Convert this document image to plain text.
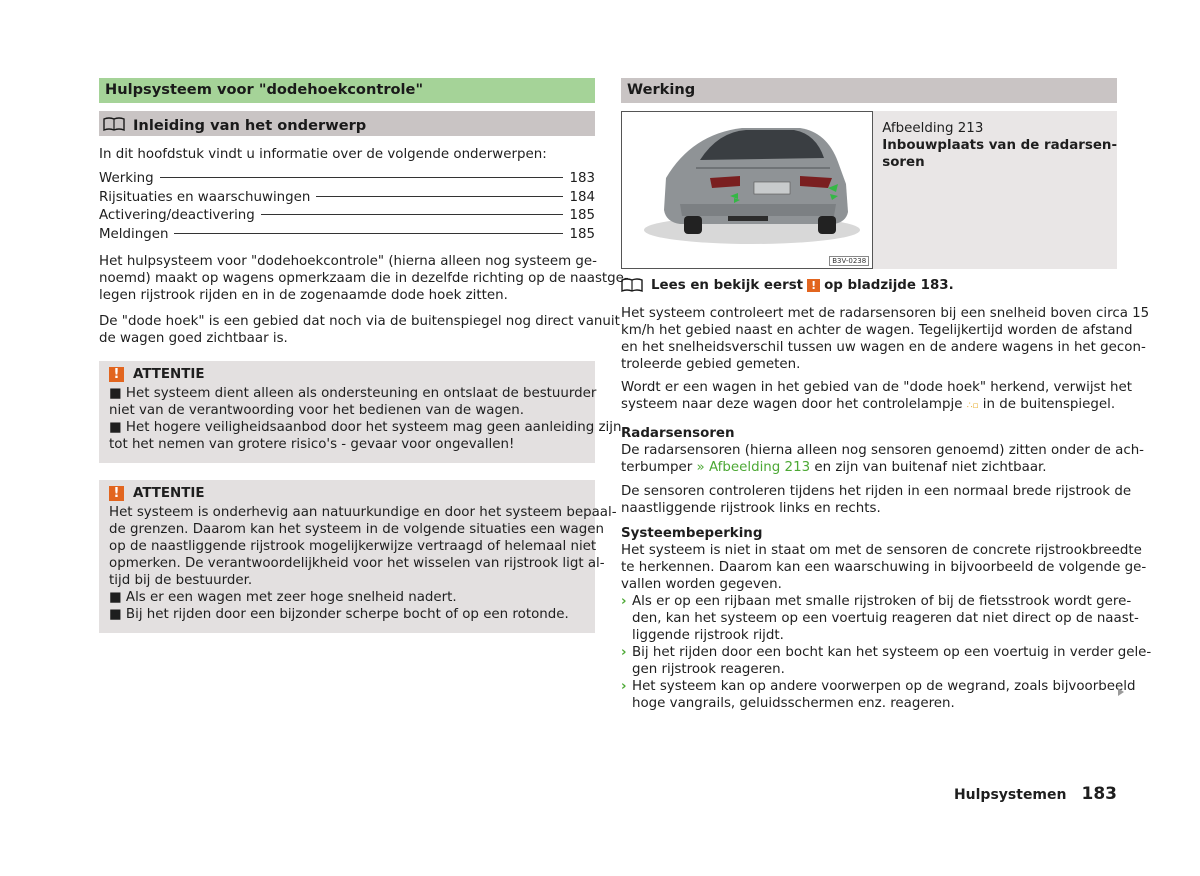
Hulpsysteem voor "dodehoekcontrole"
Inleiding van het onderwerp

In dit hoofdstuk vindt u informatie over de volgende onderwerpen:

Werking	183
Rijsituaties en waarschuwingen	184
Activering/deactivering	185
Meldingen	185
Het hulpsysteem voor "dodehoekcontrole" (hierna alleen nog systeem ge-
noemd) maakt op wagens opmerkzaam die in dezelfde richting op de naastge-
legen rijstrook rijden en in de zogenaamde dode hoek zitten.
De "dode hoek" is een gebied dat noch via de buitenspiegel nog direct vanuit
de wagen goed zichtbaar is.
!
ATTENTIE
■ Het systeem dient alleen als ondersteuning en ontslaat de bestuurder
niet van de verantwoording voor het bedienen van de wagen.
■ Het hogere veiligheidsaanbod door het systeem mag geen aanleiding zijn
tot het nemen van grotere risico's - gevaar voor ongevallen!
!
ATTENTIE
Het systeem is onderhevig aan natuurkundige en door het systeem bepaal-
de grenzen. Daarom kan het systeem in de volgende situaties een wagen
op de naastliggende rijstrook mogelijkerwijze vertraagd of helemaal niet
opmerken. De verantwoordelijkheid voor het wisselen van rijstrook ligt al-
tijd bij de bestuurder.
■ Als er een wagen met zeer hoge snelheid nadert.
■ Bij het rijden door een bijzonder scherpe bocht of op een rotonde.
Werking
B3V-0238
Afbeelding 213
Inbouwplaats van de radarsen-
soren
Lees en bekijk eerst ! op bladzijde 183.
Het systeem controleert met de radarsensoren bij een snelheid boven circa 15
km/h het gebied naast en achter de wagen. Tegelijkertijd worden de afstand
en het snelheidsverschil tussen uw wagen en de andere wagens in het gecon-
troleerde gebied gemeten.
Wordt er een wagen in het gebied van de "dode hoek" herkend, verwijst het
systeem naar deze wagen door het controlelampje ∴▫ in de buitenspiegel.
Radarsensoren
De radarsensoren (hierna alleen nog sensoren genoemd) zitten onder de ach-
terbumper » Afbeelding 213 en zijn van buitenaf niet zichtbaar.
De sensoren controleren tijdens het rijden in een normaal brede rijstrook de
naastliggende rijstrook links en rechts.
Systeembeperking
Het systeem is niet in staat om met de sensoren de concrete rijstrookbreedte
te herkennen. Daarom kan een waarschuwing in bijvoorbeeld de volgende ge-
vallen worden gegeven.
› Als er op een rijbaan met smalle rijstroken of bij de fietsstrook wordt gere-
den, kan het systeem op een voertuig reageren dat niet direct op de naast-
liggende rijstrook rijdt.
› Bij het rijden door een bocht kan het systeem op een voertuig in verder gele-
gen rijstrook reageren.
› Het systeem kan op andere voorwerpen op de wegrand, zoals bijvoorbeeld
hoge vangrails, geluidsschermen enz. reageren.
Hulpsystemen 183
